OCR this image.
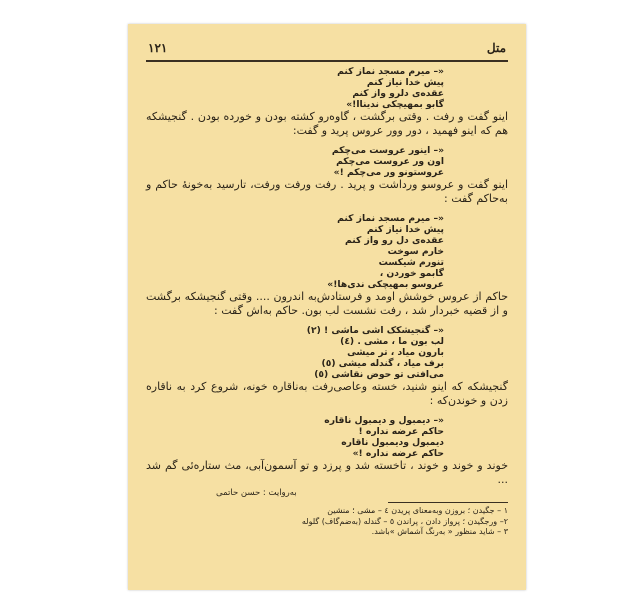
متل
۱۲۱
«– میرم مسجد نماز کنم
پیش خدا نیاز کنم
عقده‌ی دلرو واز کنم
گابو بمهیچکی ندیناا!»

اینو گفت و رفت . وقتی برگشت ، گاوه‌رو کشته بودن و خورده بودن . گنجیشکه هم که اینو فهمید ، دور وور عروس پرید و گفت:

«– اینور عروست می‌چکم
اون ور عروست می‌چکم
عروستونو ور می‌چکم !»

اینو گفت و عروسو ورداشت و پرید . رفت ورفت ورفت، تارسید به‌خونۀ حاکم و به‌حاکم گفت :

«– میرم مسجد نماز کنم
پیش خدا نیاز کنم
عقده‌ی دل رو واز کنم
خارم سوخت
تنورم شیکست
گابمو خوردن ،
عروسو بمهیچکی ندی‌ها!»

حاکم از عروس خوشش اومد و فرستادش‌به اندرون .... وقتی گنجیشکه برگشت و از قضیه خبردار شد ، رفت نشست لب بون. حاکم به‌اش گفت :

«– گنجیشکک اشی ماشی ! (۲)
لب بون ما ، مشی . (٤)
بارون میاد ، تر میشی
برف میاد ، گندله میشی (٥)
می‌افتی تو حوض نقاشی (٥)

گنجیشکه که اینو شنید، خسته وعاصی‌رفت به‌ناقاره خونه، شروع کرد به ناقاره زدن و خوندن‌که :

«– دیمبول و دیمبول ناقاره
حاکم عرضه نداره !
دیمبول ودیمبول ناقاره
حاکم عرضه نداره !»

خوند و خوند و خوند ، تاخسته شد و پرزد و تو آسمون‌آبی، مث ستاره‌ئی گم شد ...

به‌روایت : حسن حاتمی

۱ – جگیدن ؛ بروزن وبه‌معنای پریدن ٤ – مشی ؛ منشین
۲– ورجگیدن ؛ پرواز دادن ، پراندن ٥ – گندله (به‌ضم‌گاف) گلوله
۳ – شاید منظور « به‌رنگ آشماش »باشد.
